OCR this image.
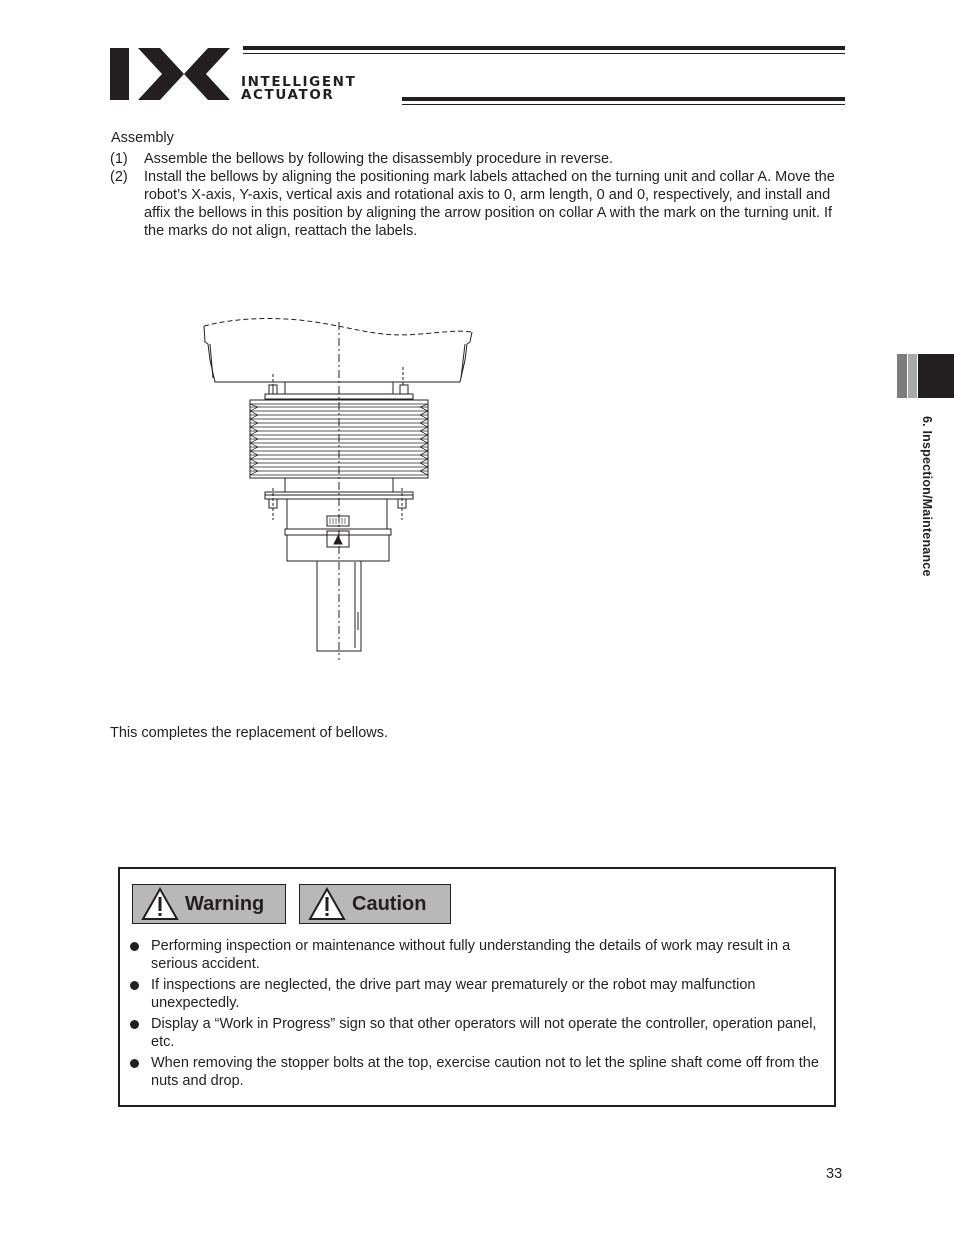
INTELLIGENT
ACTUATOR
Assembly
(1) Assemble the bellows by following the disassembly procedure in reverse.
(2) Install the bellows by aligning the positioning mark labels attached on the turning unit and collar A. Move the robot’s X-axis, Y-axis, vertical axis and rotational axis to 0, arm length, 0 and 0, respectively, and install and affix the bellows in this position by aligning the arrow position on collar A with the mark on the turning unit. If the marks do not align, reattach the labels.
This completes the replacement of bellows.
6. Inspection/Maintenance
Warning	Caution
Performing inspection or maintenance without fully understanding the details of work may result in a serious accident.
If inspections are neglected, the drive part may wear prematurely or the robot may malfunction unexpectedly.
Display a “Work in Progress” sign so that other operators will not operate the controller, operation panel, etc.
When removing the stopper bolts at the top, exercise caution not to let the spline shaft come off from the nuts and drop.
33
